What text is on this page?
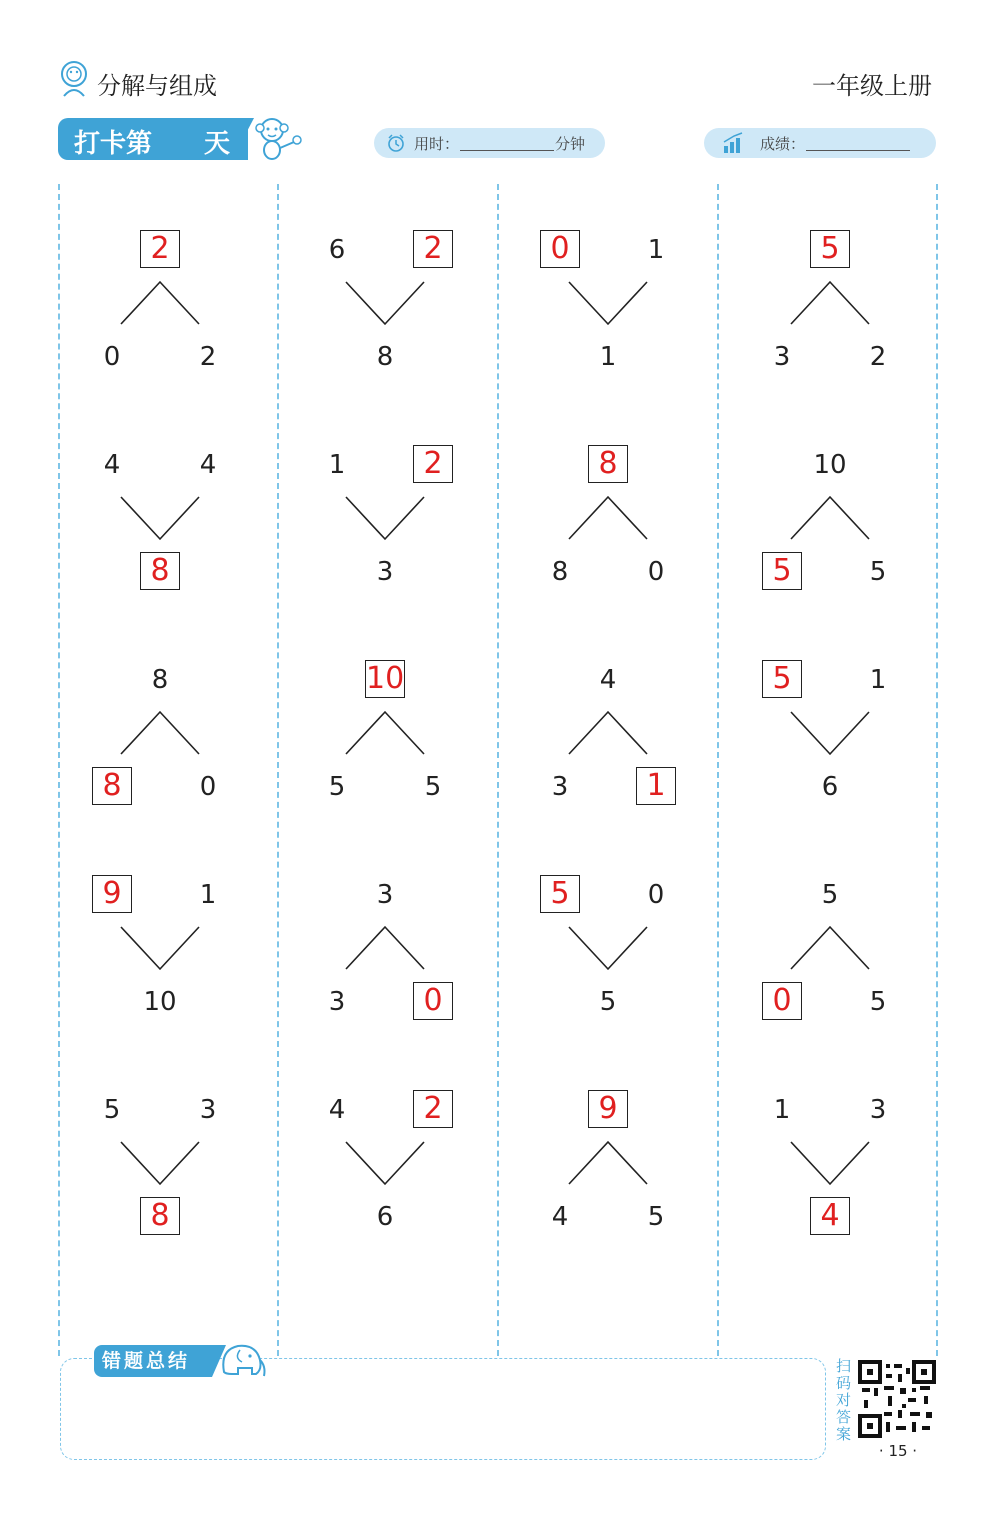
分解与组成	一年级上册
打卡第 天	用时：	分钟	成绩：
2
0	2
6	2
8
0	1
1
5
3	2
4	4
8
1	2
3
8
8	0
10
5	5
8
8	0
10
5	5
4
3	1
5	1
6
9	1
10
3
3	0
5	0
5
5
0	5
5	3
8
4	2
6
9
4	5
1	3
4
错题总结	扫码对答案
· 15 ·
